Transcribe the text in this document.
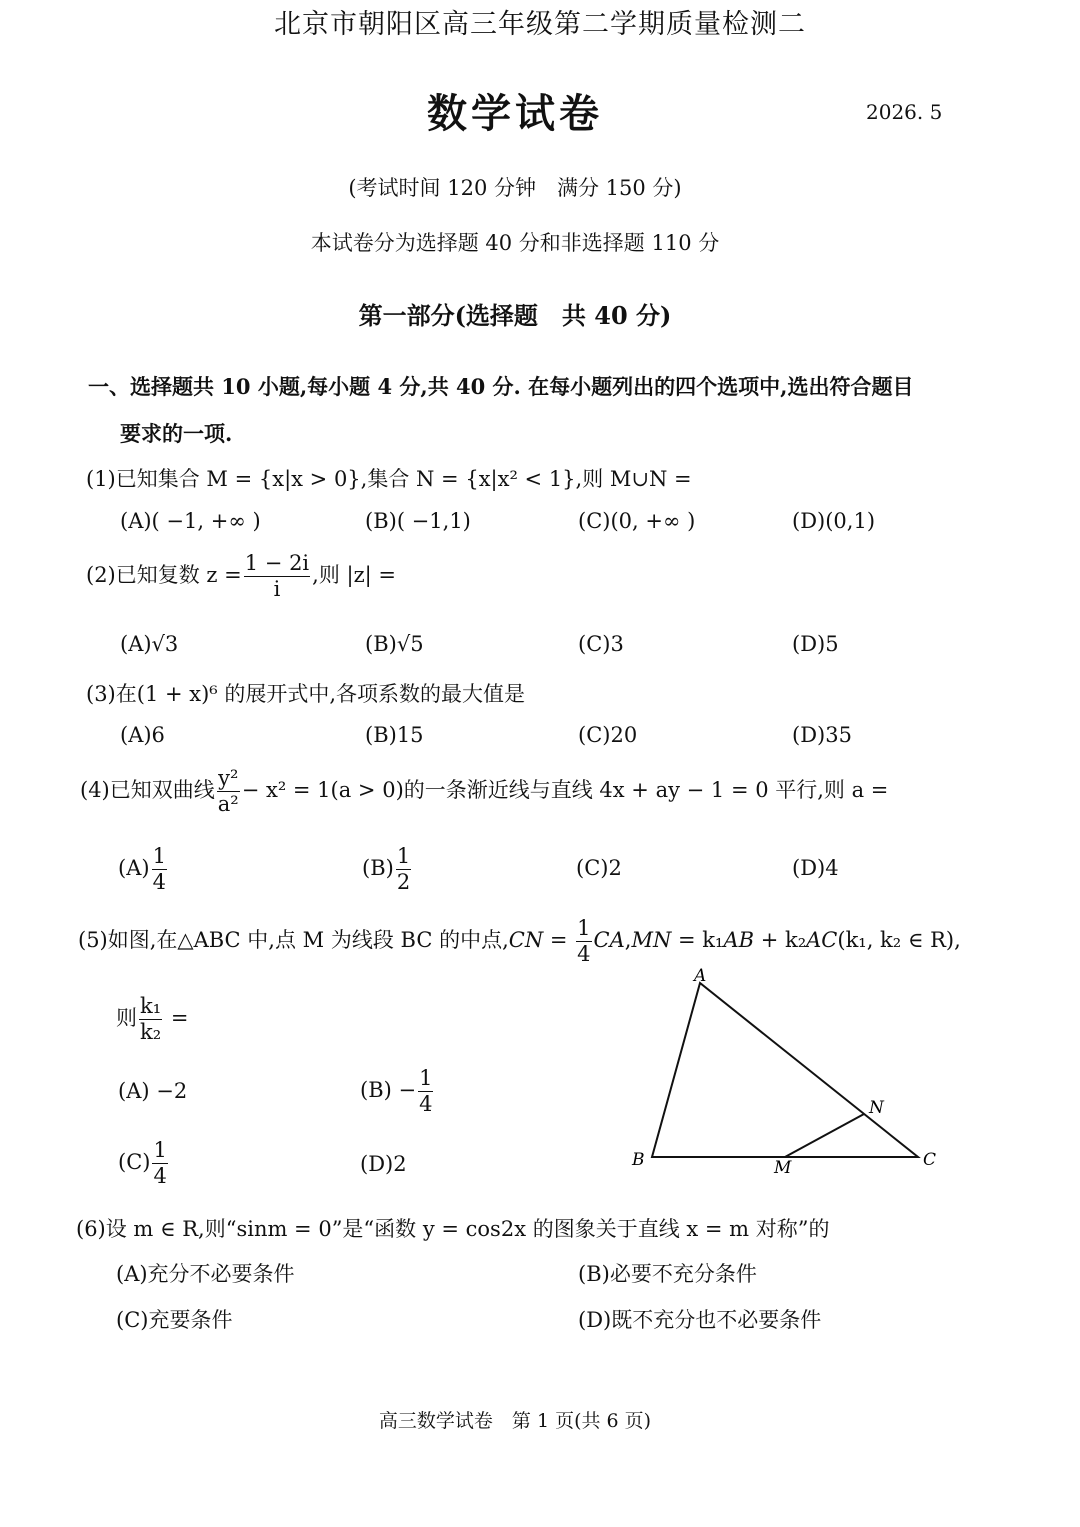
北京市朝阳区高三年级第二学期质量检测二
数学试卷	2026. 5
(考试时间 120 分钟　满分 150 分)
本试卷分为选择题 40 分和非选择题 110 分
第一部分(选择题　共 40 分)
一、选择题共 10 小题,每小题 4 分,共 40 分. 在每小题列出的四个选项中,选出符合题目
要求的一项.
(1)已知集合 M = {x|x > 0},集合 N = {x|x² < 1},则 M∪N =
(A)( −1, +∞ )	(B)( −1,1)	(C)(0, +∞ )	(D)(0,1)
(2)已知复数 $z = \frac{1 - 2i}{i}$ ,则 |z| =
(A)√3	(B)√5	(C)3	(D)5
(3)在(1 + x)⁶ 的展开式中,各项系数的最大值是
(A)6	(B)15	(C)20	(D)35
(4)已知双曲线 $\frac{\text{y²}}{\text{a²}} - x^2 = 1(a > 0)$的一条渐近线与直线 4x + ay − 1 = 0 平行,则 a =
$(A) \frac{1}{4}$	$(B) \frac{1}{2}$	(C)2	(D)4
(5)如图,在△ABC 中,点 M 为线段 BC 的中点$,CN = \frac{1}{4} CA,MN = k_1AB + k_2AC(k_1$, k₂ ∈ R),
则 $\frac{\text{k₁}}{\text{k₂}}$ =
(A) −2	$(B) - \frac{1}{4}$
$(C) \frac{1}{4}$	(D)2
A
B	C
M
N
(6)设 m ∈ R,则“sinm = 0”是“函数 y = cos2x 的图象关于直线 x = m 对称”的
(A)充分不必要条件	(B)必要不充分条件
(C)充要条件	(D)既不充分也不必要条件
高三数学试卷　第 1 页(共 6 页)
